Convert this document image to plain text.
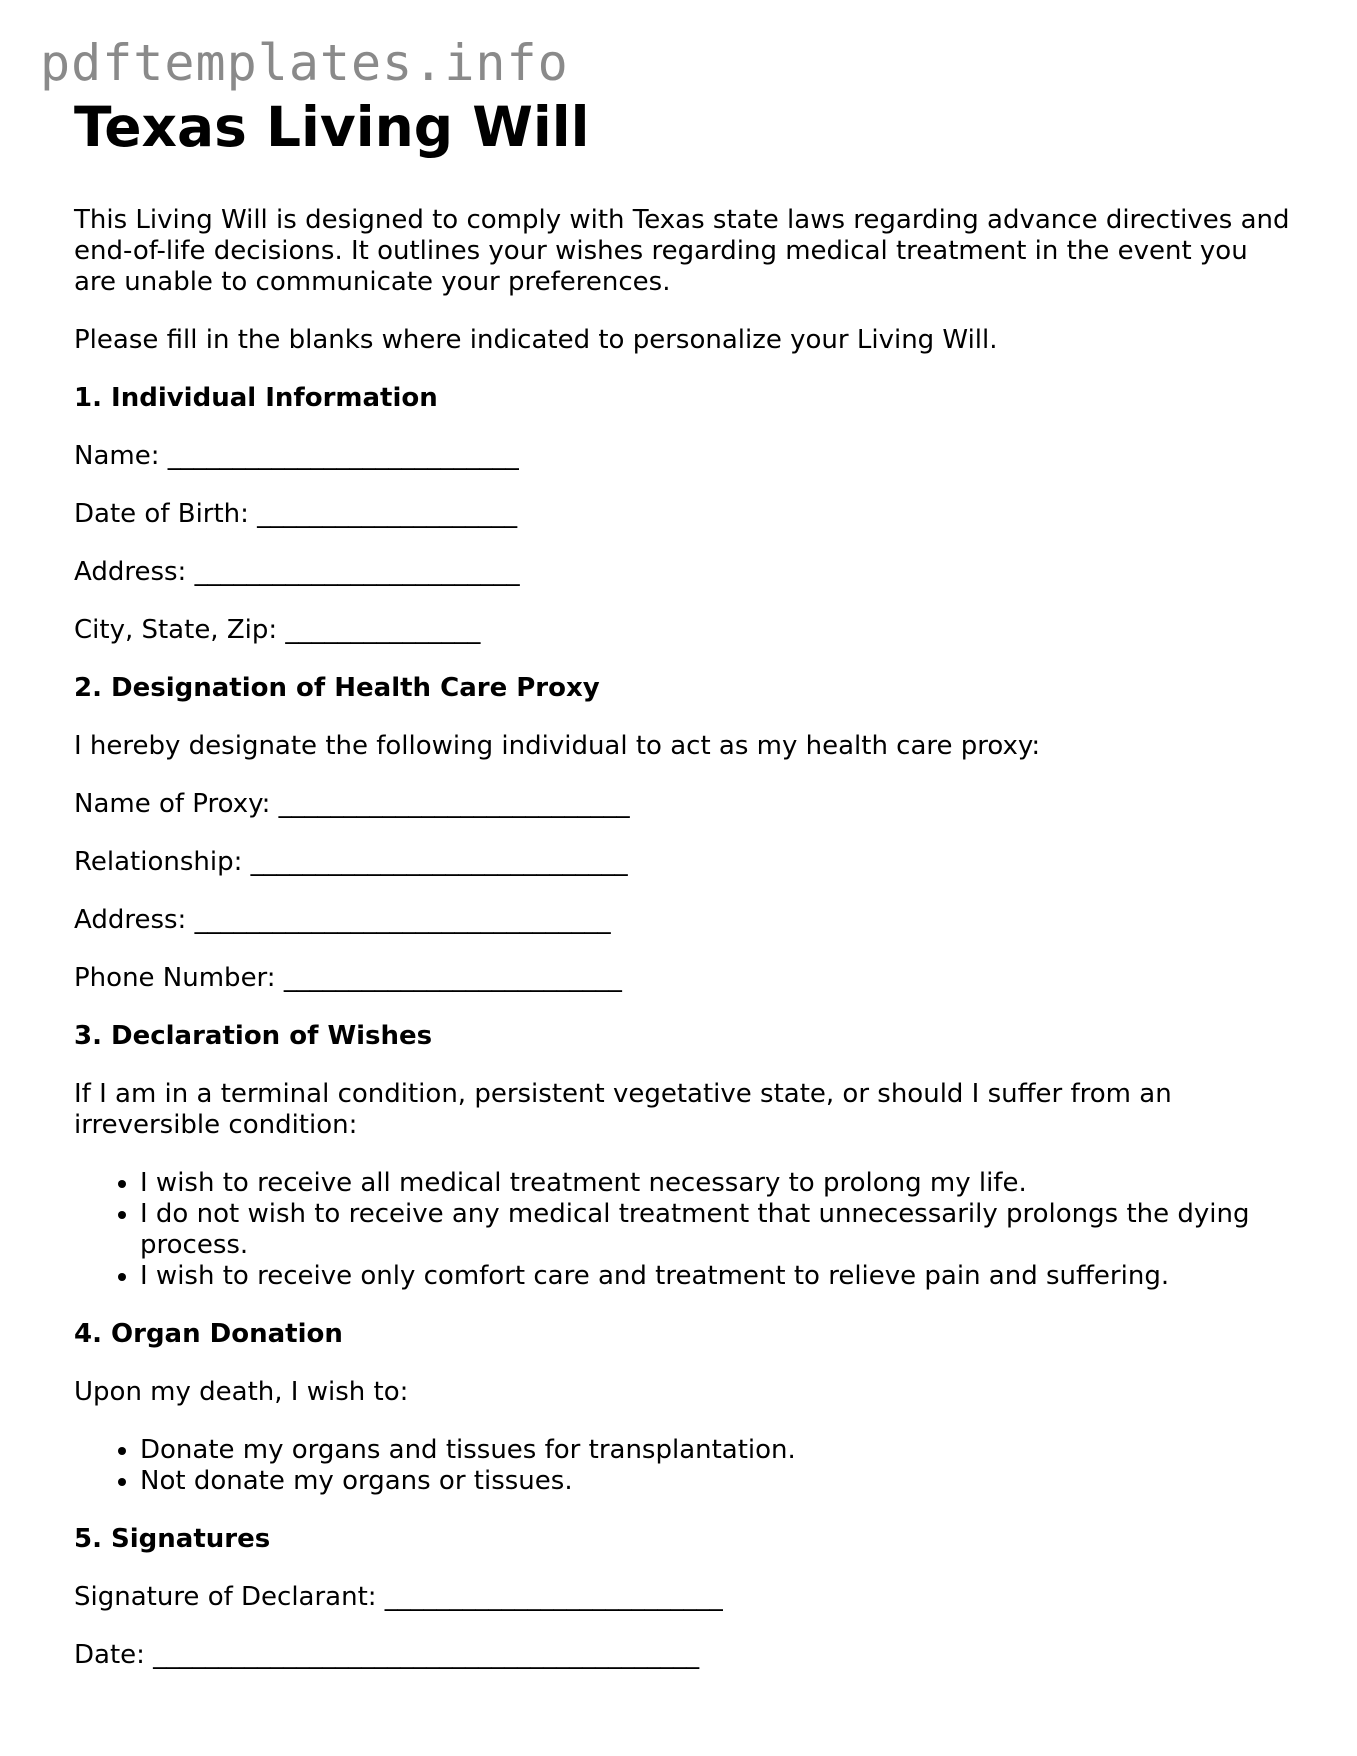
pdftemplates.info
Texas Living Will

This Living Will is designed to comply with Texas state laws regarding advance directives and end-of-life decisions. It outlines your wishes regarding medical treatment in the event you are unable to communicate your preferences.

Please fill in the blanks where indicated to personalize your Living Will.

1. Individual Information

Name: ___________________________

Date of Birth: ____________________

Address: _________________________

City, State, Zip: _______________

2. Designation of Health Care Proxy

I hereby designate the following individual to act as my health care proxy:

Name of Proxy: ___________________________

Relationship: _____________________________

Address: ________________________________

Phone Number: __________________________

3. Declaration of Wishes

If I am in a terminal condition, persistent vegetative state, or should I suffer from an irreversible condition:

• I wish to receive all medical treatment necessary to prolong my life.
• I do not wish to receive any medical treatment that unnecessarily prolongs the dying process.
• I wish to receive only comfort care and treatment to relieve pain and suffering.
4. Organ Donation

Upon my death, I wish to:

• Donate my organs and tissues for transplantation.
• Not donate my organs or tissues.
5. Signatures

Signature of Declarant: __________________________

Date: __________________________________________
